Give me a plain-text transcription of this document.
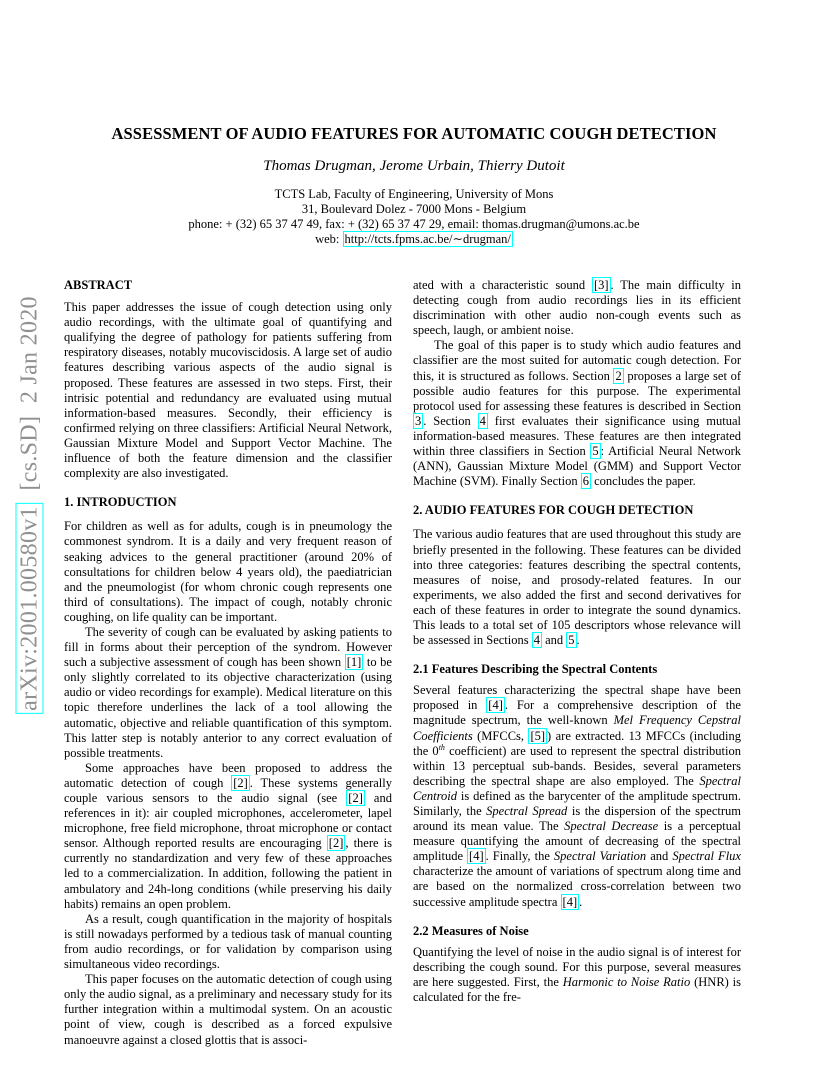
arXiv:2001.00580v1  [cs.SD]  2 Jan 2020
ASSESSMENT OF AUDIO FEATURES FOR AUTOMATIC COUGH DETECTION
Thomas Drugman, Jerome Urbain, Thierry Dutoit
TCTS Lab, Faculty of Engineering, University of Mons
31, Boulevard Dolez - 7000 Mons - Belgium
phone: + (32) 65 37 47 49, fax: + (32) 65 37 47 29, email: thomas.drugman@umons.ac.be
web: http://tcts.fpms.ac.be/∼drugman/

ABSTRACT

This paper addresses the issue of cough detection using only audio recordings, with the ultimate goal of quantifying and qualifying the degree of pathology for patients suffering from respiratory diseases, notably mucoviscidosis. A large set of audio features describing various aspects of the audio signal is proposed. These features are assessed in two steps. First, their intrisic potential and redundancy are evaluated using mutual information-based measures. Secondly, their efficiency is confirmed relying on three classifiers: Artificial Neural Network, Gaussian Mixture Model and Support Vector Machine. The influence of both the feature dimension and the classifier complexity are also investigated.

1. INTRODUCTION

For children as well as for adults, cough is in pneumology the commonest syndrom. It is a daily and very frequent reason of seaking advices to the general practitioner (around 20% of consultations for children below 4 years old), the paediatrician and the pneumologist (for whom chronic cough represents one third of consultations). The impact of cough, notably chronic coughing, on life quality can be important.

The severity of cough can be evaluated by asking patients to fill in forms about their perception of the syndrom. However such a subjective assessment of cough has been shown [1] to be only slightly correlated to its objective characterization (using audio or video recordings for example). Medical literature on this topic therefore underlines the lack of a tool allowing the automatic, objective and reliable quantification of this symptom. This latter step is notably anterior to any correct evaluation of possible treatments.

Some approaches have been proposed to address the automatic detection of cough [2] . These systems generally couple various sensors to the audio signal (see [2] and references in it): air coupled microphones, accelerometer, lapel microphone, free field microphone, throat microphone or contact sensor. Although reported results are encouraging [2] , there is currently no standardization and very few of these approaches led to a commercialization. In addition, following the patient in ambulatory and 24h-long conditions (while preserving his daily habits) remains an open problem.

As a result, cough quantification in the majority of hospitals is still nowadays performed by a tedious task of manual counting from audio recordings, or for validation by comparison using simultaneous video recordings.

This paper focuses on the automatic detection of cough using only the audio signal, as a preliminary and necessary study for its further integration within a multimodal system. On an acoustic point of view, cough is described as a forced expulsive manoeuvre against a closed glottis that is associ-

ated with a characteristic sound [3] . The main difficulty in detecting cough from audio recordings lies in its efficient discrimination with other audio non-cough events such as speech, laugh, or ambient noise.

The goal of this paper is to study which audio features and classifier are the most suited for automatic cough detection. For this, it is structured as follows. Section 2 proposes a large set of possible audio features for this purpose. The experimental protocol used for assessing these features is described in Section 3 . Section 4 first evaluates their significance using mutual information-based measures. These features are then integrated within three classifiers in Section 5 : Artificial Neural Network (ANN), Gaussian Mixture Model (GMM) and Support Vector Machine (SVM). Finally Section 6 concludes the paper.

2. AUDIO FEATURES FOR COUGH DETECTION

The various audio features that are used throughout this study are briefly presented in the following. These features can be divided into three categories: features describing the spectral contents, measures of noise, and prosody-related features. In our experiments, we also added the first and second derivatives for each of these features in order to integrate the sound dynamics. This leads to a total set of 105 descriptors whose relevance will be assessed in Sections 4 and 5 .

2.1 Features Describing the Spectral Contents

Several features characterizing the spectral shape have been proposed in [4] . For a comprehensive description of the magnitude spectrum, the well-known Mel Frequency Cepstral Coefficients (MFCCs, [5] ) are extracted. 13 MFCCs (including the 0th coefficient) are used to represent the spectral distribution within 13 perceptual sub-bands. Besides, several parameters describing the spectral shape are also employed. The Spectral Centroid is defined as the barycenter of the amplitude spectrum. Similarly, the Spectral Spread is the dispersion of the spectrum around its mean value. The Spectral Decrease is a perceptual measure quantifying the amount of decreasing of the spectral amplitude [4] . Finally, the Spectral Variation and Spectral Flux characterize the amount of variations of spectrum along time and are based on the normalized cross-correlation between two successive amplitude spectra [4] .

2.2 Measures of Noise

Quantifying the level of noise in the audio signal is of interest for describing the cough sound. For this purpose, several measures are here suggested. First, the Harmonic to Noise Ratio (HNR) is calculated for the fre-
